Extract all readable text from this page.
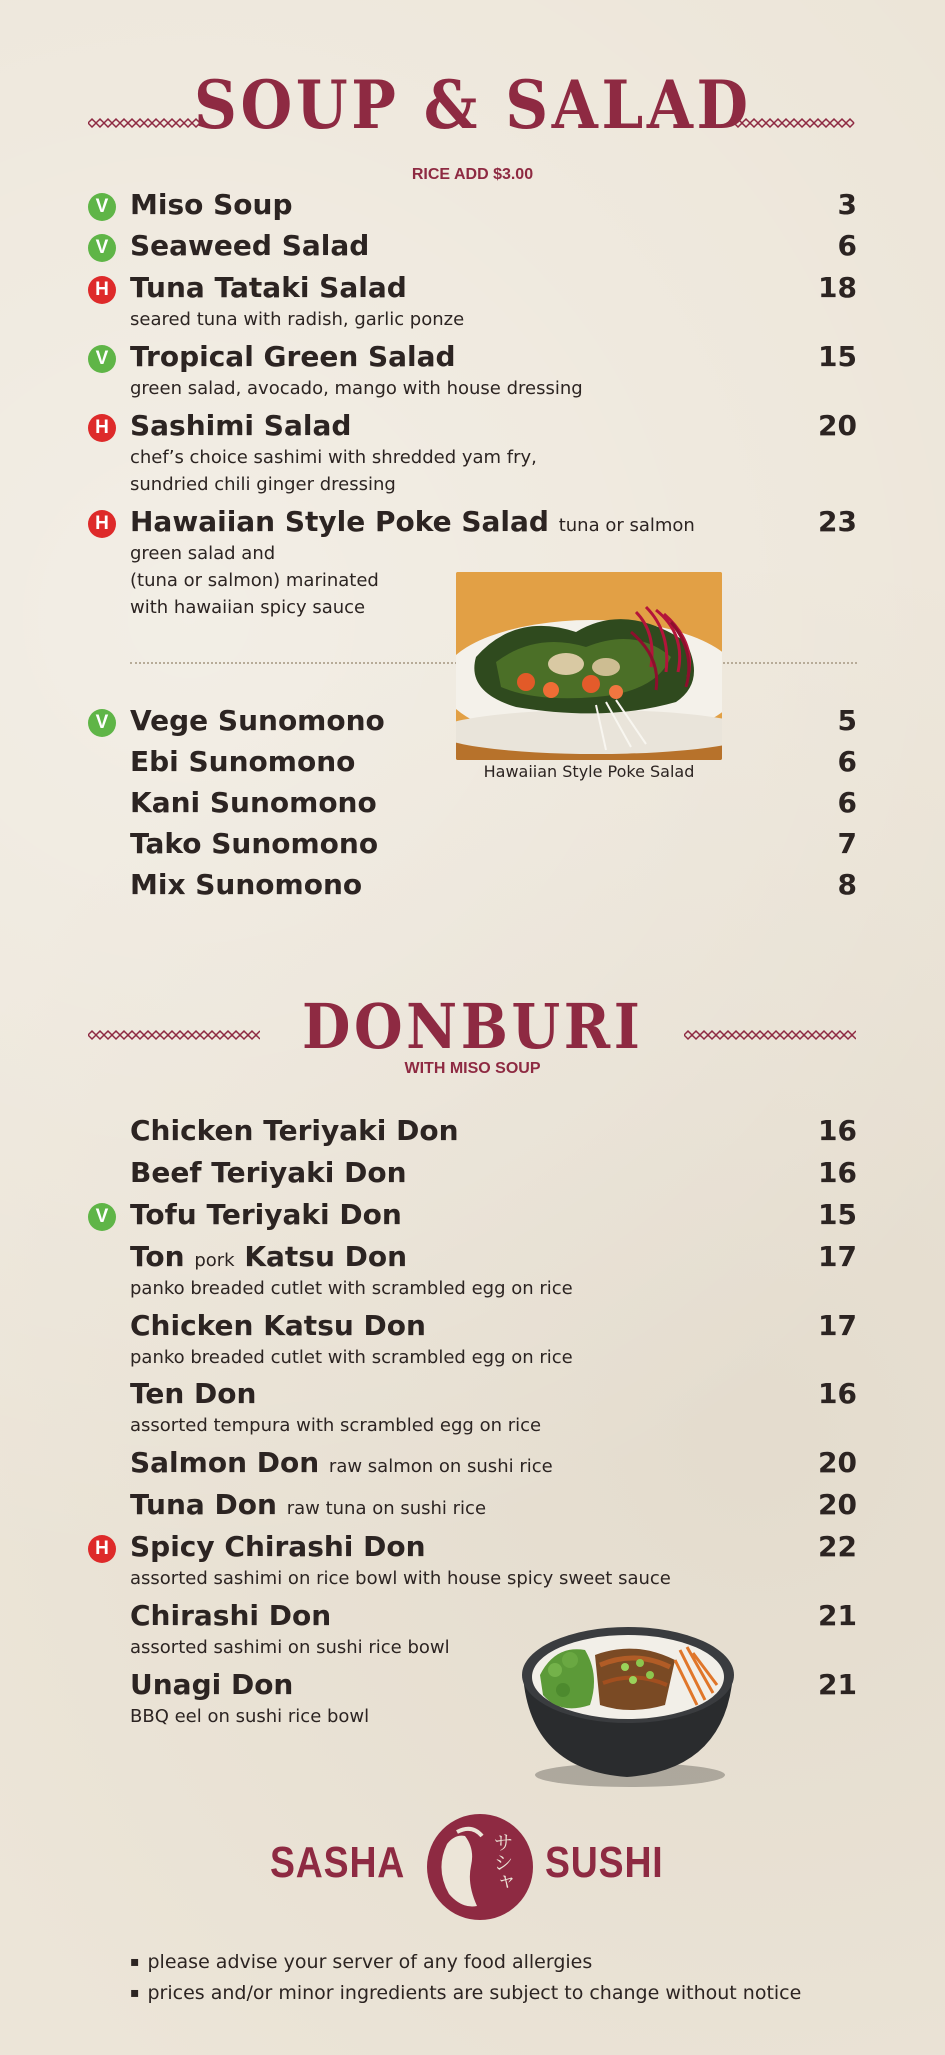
SOUP & SALAD
RICE ADD $3.00
V Miso Soup	3
V Seaweed Salad	6
H Tuna Tataki Salad	18
seared tuna with radish, garlic ponze
V Tropical Green Salad	15
green salad, avocado, mango with house dressing
H Sashimi Salad	20
chef’s choice sashimi with shredded yam fry,
sundried chili ginger dressing
H Hawaiian Style Poke Salad tuna or salmon	23
green salad and
(tuna or salmon) marinated
with hawaiian spicy sauce
Hawaiian Style Poke Salad
V Vege Sunomono	5
Ebi Sunomono	6
Kani Sunomono	6
Tako Sunomono	7
Mix Sunomono	8
DONBURI
WITH MISO SOUP
Chicken Teriyaki Don	16
Beef Teriyaki Don	16
V Tofu Teriyaki Don	15
Ton pork Katsu Don	17
panko breaded cutlet with scrambled egg on rice
Chicken Katsu Don	17
panko breaded cutlet with scrambled egg on rice
Ten Don	16
assorted tempura with scrambled egg on rice
Salmon Don raw salmon on sushi rice	20
Tuna Don raw tuna on sushi rice	20
H Spicy Chirashi Don	22
assorted sashimi on rice bowl with house spicy sweet sauce
Chirashi Don	21
assorted sashimi on sushi rice bowl
Unagi Don	21
BBQ eel on sushi rice bowl
SASHA	サシャ SUSHI
▪ please advise your server of any food allergies
▪ prices and/or minor ingredients are subject to change without notice
